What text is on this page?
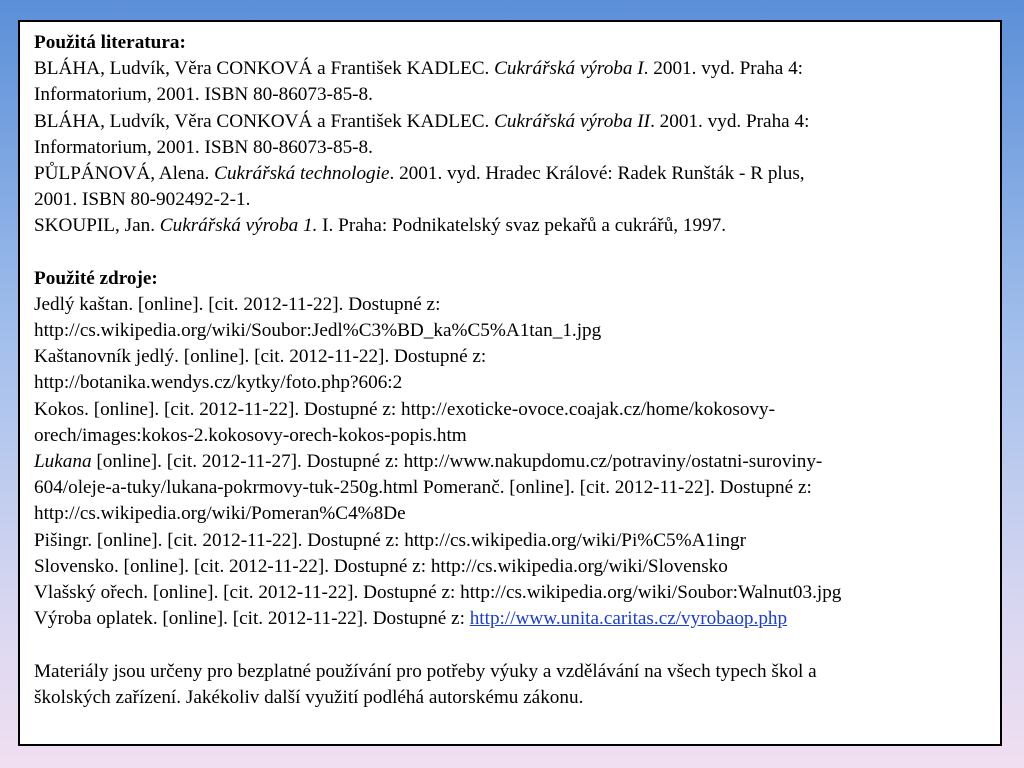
Použitá literatura:
BLÁHA, Ludvík, Věra CONKOVÁ a František KADLEC. Cukrářská výroba I. 2001. vyd. Praha 4:
Informatorium, 2001. ISBN 80-86073-85-8.
BLÁHA, Ludvík, Věra CONKOVÁ a František KADLEC. Cukrářská výroba II. 2001. vyd. Praha 4:
Informatorium, 2001. ISBN 80-86073-85-8.
PŮLPÁNOVÁ, Alena. Cukrářská technologie. 2001. vyd. Hradec Králové: Radek Runšták - R plus,
2001. ISBN 80-902492-2-1.
SKOUPIL, Jan. Cukrářská výroba 1. I. Praha: Podnikatelský svaz pekařů a cukrářů, 1997.
Použité zdroje:
Jedlý kaštan. [online]. [cit. 2012-11-22]. Dostupné z:
http://cs.wikipedia.org/wiki/Soubor:Jedl%C3%BD_ka%C5%A1tan_1.jpg
Kaštanovník jedlý. [online]. [cit. 2012-11-22]. Dostupné z:
http://botanika.wendys.cz/kytky/foto.php?606:2
Kokos. [online]. [cit. 2012-11-22]. Dostupné z: http://exoticke-ovoce.coajak.cz/home/kokosovy-
orech/images:kokos-2.kokosovy-orech-kokos-popis.htm
Lukana [online]. [cit. 2012-11-27]. Dostupné z: http://www.nakupdomu.cz/potraviny/ostatni-suroviny-
604/oleje-a-tuky/lukana-pokrmovy-tuk-250g.html Pomeranč. [online]. [cit. 2012-11-22]. Dostupné z:
http://cs.wikipedia.org/wiki/Pomeran%C4%8De
Pišingr. [online]. [cit. 2012-11-22]. Dostupné z: http://cs.wikipedia.org/wiki/Pi%C5%A1ingr
Slovensko. [online]. [cit. 2012-11-22]. Dostupné z: http://cs.wikipedia.org/wiki/Slovensko
Vlašský ořech. [online]. [cit. 2012-11-22]. Dostupné z: http://cs.wikipedia.org/wiki/Soubor:Walnut03.jpg
Výroba oplatek. [online]. [cit. 2012-11-22]. Dostupné z: http://www.unita.caritas.cz/vyrobaop.php
Materiály jsou určeny pro bezplatné používání pro potřeby výuky a vzdělávání na všech typech škol a
školských zařízení. Jakékoliv další využití podléhá autorskému zákonu.
